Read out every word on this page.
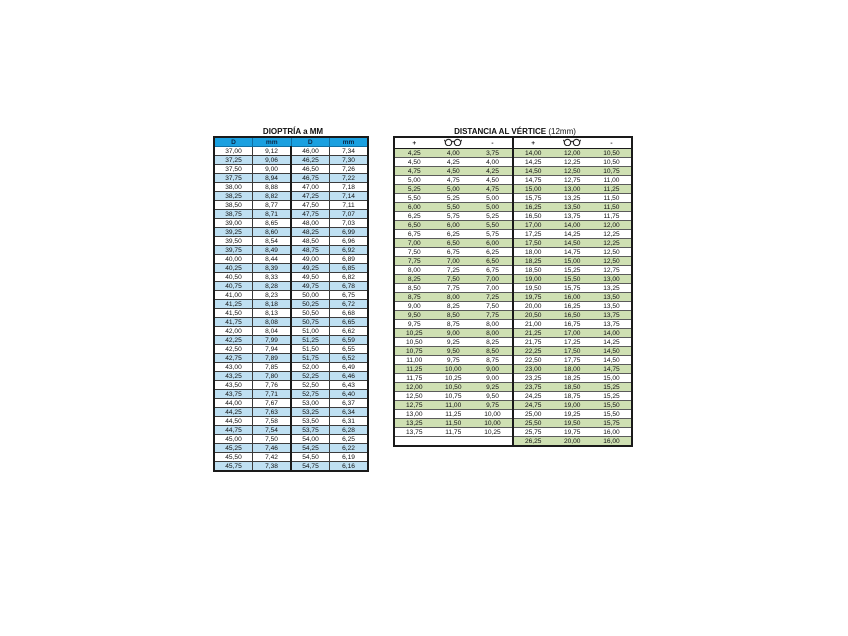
DIOPTRÍA a MM
D	mm	D	mm
37,00	9,12	46,00	7,34
37,25	9,06	46,25	7,30
37,50	9,00	46,50	7,26
37,75	8,94	46,75	7,22
38,00	8,88	47,00	7,18
38,25	8,82	47,25	7,14
38,50	8,77	47,50	7,11
38,75	8,71	47,75	7,07
39,00	8,65	48,00	7,03
39,25	8,60	48,25	6,99
39,50	8,54	48,50	6,96
39,75	8,49	48,75	6,92
40,00	8,44	49,00	6,89
40,25	8,39	49,25	6,85
40,50	8,33	49,50	6,82
40,75	8,28	49,75	6,78
41,00	8,23	50,00	6,75
41,25	8,18	50,25	6,72
41,50	8,13	50,50	6,68
41,75	8,08	50,75	6,65
42,00	8,04	51,00	6,62
42,25	7,99	51,25	6,59
42,50	7,94	51,50	6,55
42,75	7,89	51,75	6,52
43,00	7,85	52,00	6,49
43,25	7,80	52,25	6,46
43,50	7,76	52,50	6,43
43,75	7,71	52,75	6,40
44,00	7,67	53,00	6,37
44,25	7,63	53,25	6,34
44,50	7,58	53,50	6,31
44,75	7,54	53,75	6,28
45,00	7,50	54,00	6,25
45,25	7,46	54,25	6,22
45,50	7,42	54,50	6,19
45,75	7,38	54,75	6,16
DISTANCIA AL VÉRTICE (12mm)
+		-	+		-
4,25	4,00	3,75	14,00	12,00	10,50
4,50	4,25	4,00	14,25	12,25	10,50
4,75	4,50	4,25	14,50	12,50	10,75
5,00	4,75	4,50	14,75	12,75	11,00
5,25	5,00	4,75	15,00	13,00	11,25
5,50	5,25	5,00	15,75	13,25	11,50
6,00	5,50	5,00	16,25	13,50	11,50
6,25	5,75	5,25	16,50	13,75	11,75
6,50	6,00	5,50	17,00	14,00	12,00
6,75	6,25	5,75	17,25	14,25	12,25
7,00	6,50	6,00	17,50	14,50	12,25
7,50	6,75	6,25	18,00	14,75	12,50
7,75	7,00	6,50	18,25	15,00	12,50
8,00	7,25	6,75	18,50	15,25	12,75
8,25	7,50	7,00	19,00	15,50	13,00
8,50	7,75	7,00	19,50	15,75	13,25
8,75	8,00	7,25	19,75	16,00	13,50
9,00	8,25	7,50	20,00	16,25	13,50
9,50	8,50	7,75	20,50	16,50	13,75
9,75	8,75	8,00	21,00	16,75	13,75
10,25	9,00	8,00	21,25	17,00	14,00
10,50	9,25	8,25	21,75	17,25	14,25
10,75	9,50	8,50	22,25	17,50	14,50
11,00	9,75	8,75	22,50	17,75	14,50
11,25	10,00	9,00	23,00	18,00	14,75
11,75	10,25	9,00	23,25	18,25	15,00
12,00	10,50	9,25	23,75	18,50	15,25
12,50	10,75	9,50	24,25	18,75	15,25
12,75	11,00	9,75	24,75	19,00	15,50
13,00	11,25	10,00	25,00	19,25	15,50
13,25	11,50	10,00	25,50	19,50	15,75
13,75	11,75	10,25	25,75	19,75	16,00
			26,25	20,00	16,00
